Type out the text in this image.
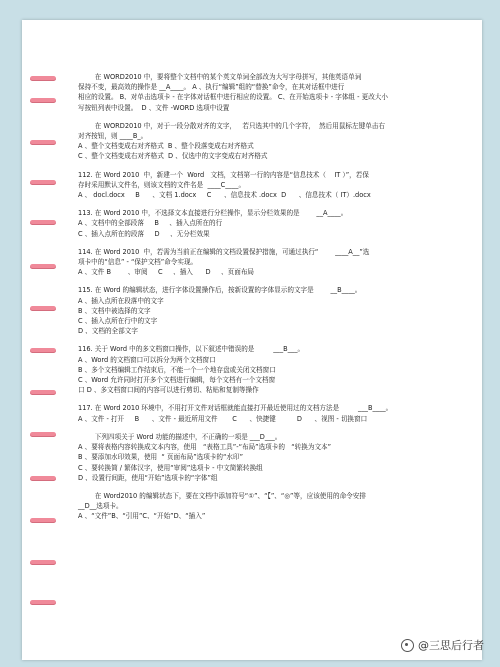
在 WORD2010 中，要将整个文档中的某个英文单词全部改为大写字母拼写，其他英语单词

保持不变，最高效的操作是 __A____。 A 、执行“编辑”组的“替换”命令，在其对话框中进行

相应的设置。 B、对单击选项卡 - 在字体对话框中进行相应的设置。 C、在开始选项卡 - 字体组 - 更改大小

写按钮列表中设置。  D 、文件 -WORD 选项中设置

在 WORD2010 中，对于一段分散对齐的文字，   若只选其中的几个字符，  然后用鼠标左键单击右

对齐按钮，则 ____B_。

A 、整个文档变成右对齐格式  B 、整个段落变成右对齐格式

C 、整个文档变成右对齐格式  D 、仅选中的文字变成右对齐格式

112. 在 Word 2010  中，新建一个  Word   文档，文档第一行的内容是“信息技术（    IT ）”，若保

存时采用默认文件名，则该文档的文件名是  ____C____。

A 、 docl.docx     B      、文档 1.docx     C      、信息技术 .docx  D      、信息技术（ IT）.docx

113. 在 Word 2010 中，不选择文本直接进行分栏操作，显示分栏效果的是        __A____。

A 、文档中的全部段落     B     、插入点所在的行

C 、插入点所在的段落     D     、无分栏效果

114. 在 Word 2010  中，若需为当前正在编辑的文档设置保护措施，可通过执行“        ____A__”选

项卡中的“信息” - “保护文档”命令实现。

A 、文件 B        、审阅     C     、插入      D     、页面布局

115. 在 Word 的编辑状态，进行字体设置操作后，按新设置的字体显示的文字是        __B____。

A 、插入点所在段落中的文字

B 、文档中被选择的文字

C 、插入点所在行中的文字

D 、文档的全部文字

116. 关于 Word 中的多文档窗口操作，以下叙述中错误的是         ___B___。

A 、Word 的文档窗口可以拆分为两个文档窗口

B 、多个文档编辑工作结束后，不能一个一个地存盘或关闭文档窗口

C 、Word 允许同时打开多个文档进行编辑，每个文档有一个文档窗

口 D 、多文档窗口间的内容可以进行剪切、粘贴和复制等操作

117. 在 Word 2010 环境中，不用打开文件对话框就能直接打开最近使用过的文档方法是         ___B____。

A 、文件 - 打开     B      、文件 - 最近所用文件       C      、快捷键          D      、视图 - 切换窗口

下列四项关于 Word 功能的描述中，不正确的一项是 ___D___。

A 、要将表格内容转换成文本内容，使用   “表格工具”-“布局”选项卡的   “转换为文本”

B 、要添加水印效果，使用  “ 页面布局”选项卡的“水印”

C 、要转换简 / 繁体汉字，使用“审阅”选项卡 - 中文简繁转换组

D 、设置行间距，使用“开始”选项卡的“字体”组

在 Word2010 的编辑状态下，要在文档中添加符号“①”、“【”、“◎”等，应该使用的命令安排

__D__选项卡。

A 、“文件”B、“引用”C、“开始”D、“插入”

@三思后行者
